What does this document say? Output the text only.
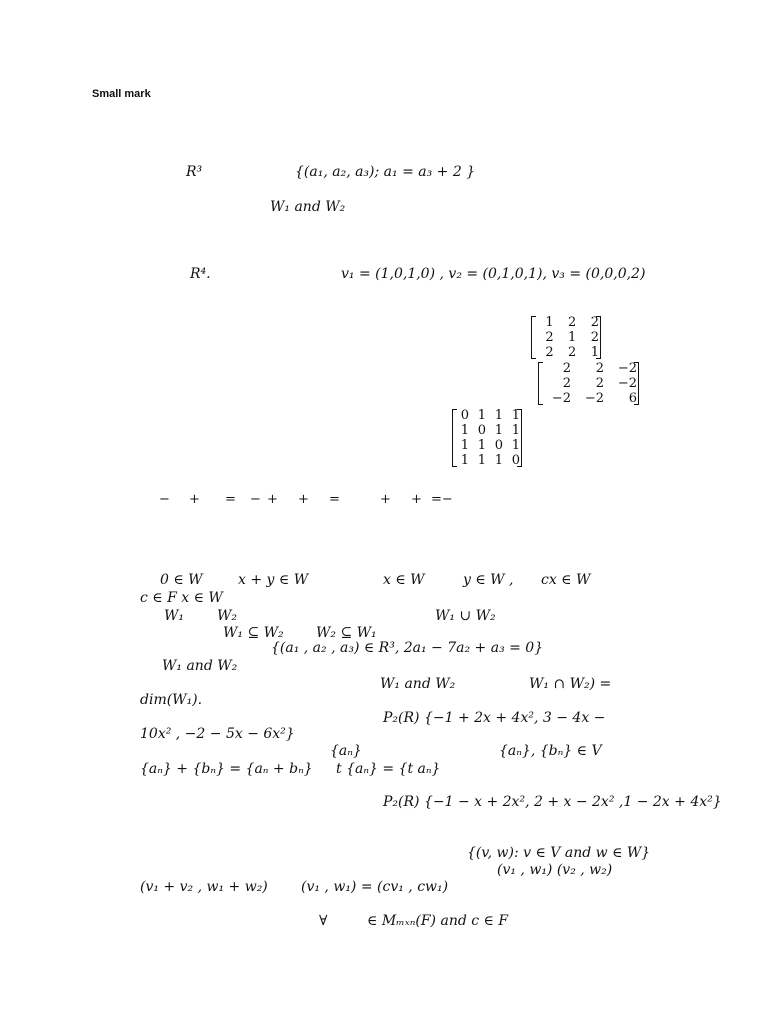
Small mark
R³	{(a₁, a₂, a₃); a₁ = a₃ + 2 }
W₁ and W₂
R⁴.	v₁ = (1,0,1,0) , v₂ = (0,1,0,1), v₃ = (0,0,0,2)
0 ∈ W	x + y ∈ W	x ∈ W	y ∈ W , cx ∈ W
c ∈ F x ∈ W
W₁ W₂	W₁ ∪ W₂
W₁ ⊆ W₂ W₂ ⊆ W₁
{(a₁ , a₂ , a₃) ∈ R³, 2a₁ − 7a₂ + a₃ = 0}
W₁ and W₂
W₁ and W₂	W₁ ∩ W₂) =
dim(W₁).
P₂(R) {−1 + 2x + 4x², 3 − 4x −
10x² , −2 − 5x − 6x²}
{aₙ}	{aₙ}, {bₙ} ∈ V
{aₙ} + {bₙ} = {aₙ + bₙ} t {aₙ} = {t aₙ}
P₂(R) {−1 − x + 2x², 2 + x − 2x² ,1 − 2x + 4x²}
{(v, w): v ∈ V and w ∈ W}
(v₁ , w₁) (v₂ , w₂)
(v₁ + v₂ , w₁ + w₂) (v₁ , w₁) = (cv₁ , cw₁)
∀	∈ Mₘₓₙ(F) and c ∈ F
− + = − + + =	+ + =−
1	2	2
2	1	2
2	2	1
2	2	−2
2	2	−2
−2	−2	6
0 1 1 1
1 0 1 1
1 1 0 1
1 1 1 0
